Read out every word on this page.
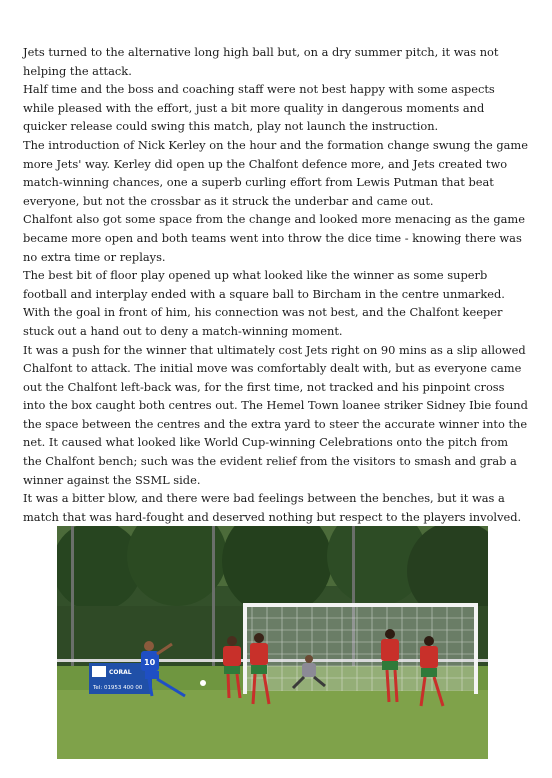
Jets turned to the alternative long high ball but, on a dry summer pitch, it was not helping the attack.

Half time and the boss and coaching staff were not best happy with some aspects while pleased with the effort, just a bit more quality in dangerous moments and quicker release could swing this match, play not launch the instruction.

The introduction of Nick Kerley on the hour and the formation change swung the game more Jets' way. Kerley did open up the Chalfont defence more, and Jets created two match-winning chances, one a superb curling effort from Lewis Putman that beat everyone, but not the crossbar as it struck the underbar and came out.

Chalfont also got some space from the change and looked more menacing as the game became more open and both teams went into throw the dice time - knowing there was no extra time or replays.

The best bit of floor play opened up what looked like the winner as some superb football and interplay ended with a square ball to Bircham in the centre unmarked. With the goal in front of him, his connection was not best, and the Chalfont keeper stuck out a hand out to deny a match-winning moment.

It was a push for the winner that ultimately cost Jets right on 90 mins as a slip allowed Chalfont to attack. The initial move was comfortably dealt with, but as everyone came out the Chalfont left-back was, for the first time, not tracked and his pinpoint cross into the box caught both centres out. The Hemel Town loanee striker Sidney Ibie found the space between the centres and the extra yard to steer the accurate winner into the net. It caused what looked like World Cup-winning Celebrations onto the pitch from the Chalfont bench; such was the evident relief from the visitors to smash and grab a winner against the SSML side.

It was a bitter blow, and there were bad feelings between the benches, but it was a match that was hard-fought and deserved nothing but respect to the players involved.

CORAL
Tel: 01953 400 00
10
